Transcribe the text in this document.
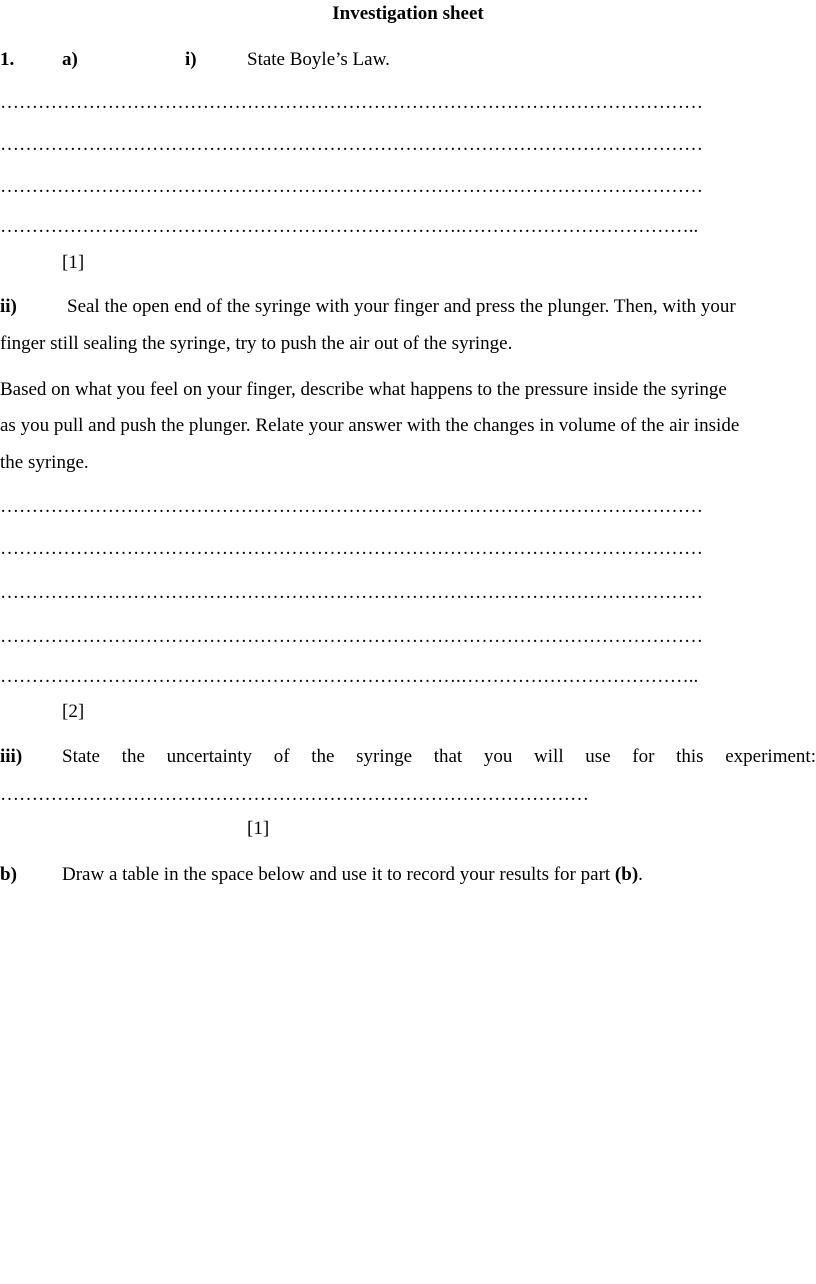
Investigation sheet
1.	a)	i)	State Boyle’s Law.
…………………………………………………………………………………………………
…………………………………………………………………………………………………
…………………………………………………………………………………………………
……………………………………………………………….………………………………..
[1]
ii)	Seal the open end of the syringe with your finger and press the plunger. Then, with your
finger still sealing the syringe, try to push the air out of the syringe.
Based on what you feel on your finger, describe what happens to the pressure inside the syringe
as you pull and push the plunger. Relate your answer with the changes in volume of the air inside
the syringe.
…………………………………………………………………………………………………
…………………………………………………………………………………………………
…………………………………………………………………………………………………
…………………………………………………………………………………………………
……………………………………………………………….………………………………..
[2]
iii) State the uncertainty of the syringe that you will use for this experiment:
…………………………………………………………………………………
[1]
b) Draw a table in the space below and use it to record your results for part (b).
